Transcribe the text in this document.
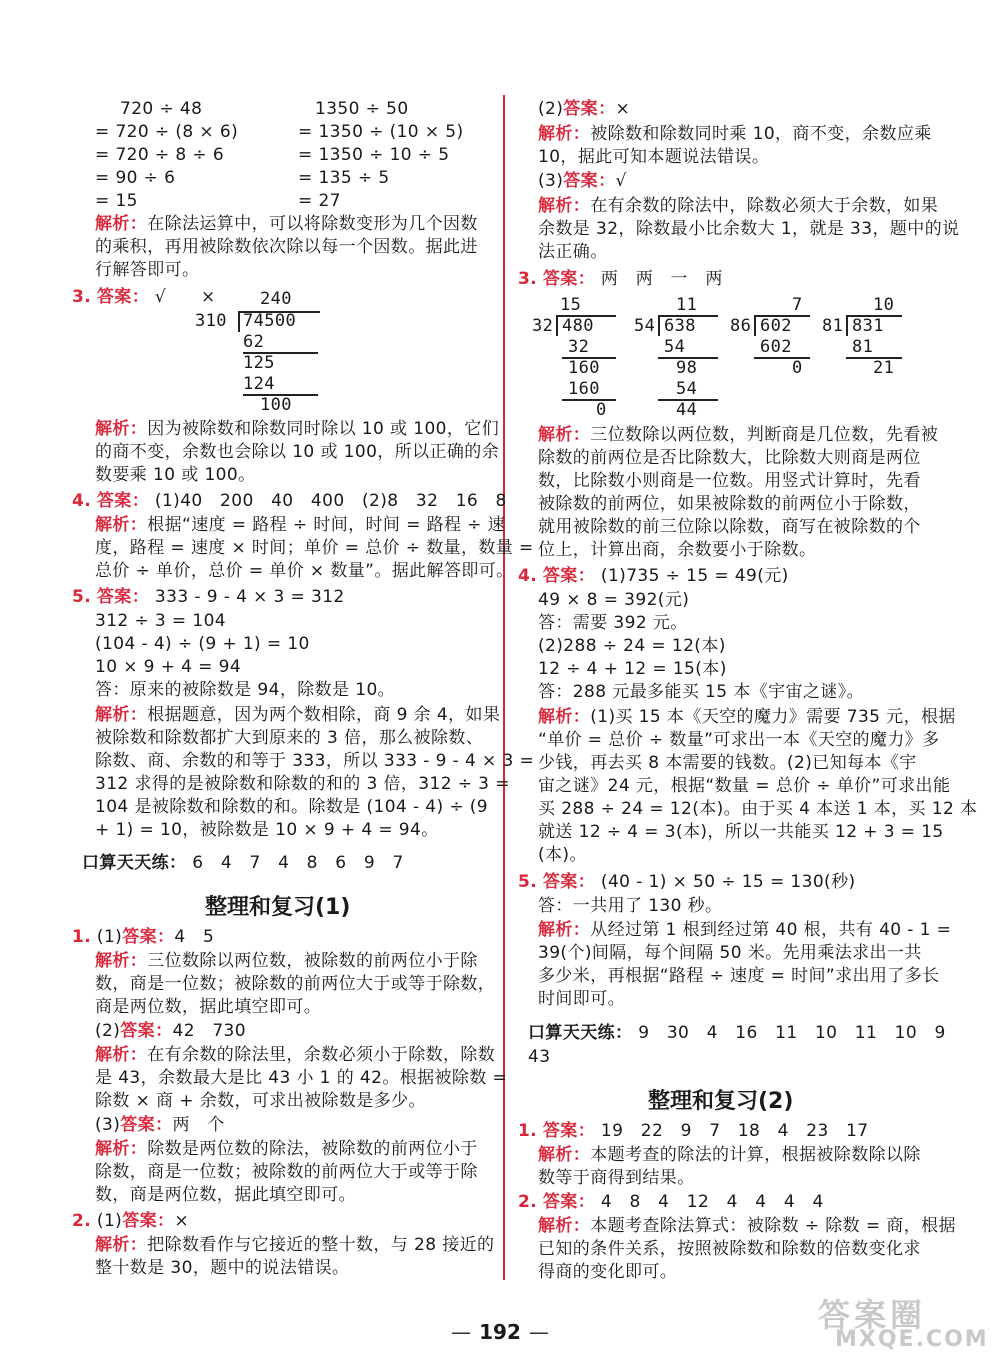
720 ÷ 48
= 720 ÷ (8 × 6)
= 720 ÷ 8 ÷ 6
= 90 ÷ 6
= 15
1350 ÷ 50
= 1350 ÷ (10 × 5)
= 1350 ÷ 10 ÷ 5
= 135 ÷ 5
= 27
解析：在除法运算中，可以将除数变形为几个因数
的乘积，再用被除数依次除以每一个因数。据此进
行解答即可。
3. 答案： √　　×	240
310 74500
62
125
124
100
解析：因为被除数和除数同时除以 10 或 100，它们
的商不变，余数也会除以 10 或 100，所以正确的余
数要乘 10 或 100。
4. 答案： (1)40　200　40　400　(2)8　32　16　8
解析：根据“速度 = 路程 ÷ 时间，时间 = 路程 ÷ 速
度，路程 = 速度 × 时间；单价 = 总价 ÷ 数量，数量 =
总价 ÷ 单价，总价 = 单价 × 数量”。据此解答即可。
5. 答案： 333 - 9 - 4 × 3 = 312
312 ÷ 3 = 104
(104 - 4) ÷ (9 + 1) = 10
10 × 9 + 4 = 94
答：原来的被除数是 94，除数是 10。
解析：根据题意，因为两个数相除，商 9 余 4，如果
被除数和除数都扩大到原来的 3 倍，那么被除数、
除数、商、余数的和等于 333，所以 333 - 9 - 4 × 3 =
312 求得的是被除数和除数的和的 3 倍，312 ÷ 3 =
104 是被除数和除数的和。除数是 (104 - 4) ÷ (9
+ 1) = 10，被除数是 10 × 9 + 4 = 94。
口算天天练： 6　4　7　4　8　6　9　7
整理和复习(1)
1. (1)答案：4　5
解析：三位数除以两位数，被除数的前两位小于除
数，商是一位数；被除数的前两位大于或等于除数，
商是两位数，据此填空即可。
(2)答案：42　730
解析：在有余数的除法里，余数必须小于除数，除数
是 43，余数最大是比 43 小 1 的 42。根据被除数 =
除数 × 商 + 余数，可求出被除数是多少。
(3)答案：两　个
解析：除数是两位数的除法，被除数的前两位小于
除数，商是一位数；被除数的前两位大于或等于除
数，商是两位数，据此填空即可。
2. (1)答案：×
解析：把除数看作与它接近的整十数，与 28 接近的
整十数是 30，题中的说法错误。
(2)答案：×
解析：被除数和除数同时乘 10，商不变，余数应乘
10，据此可知本题说法错误。
(3)答案：√
解析：在有余数的除法中，除数必须大于余数，如果
余数是 32，除数最小比余数大 1，就是 33，题中的说
法正确。
3. 答案： 两　两　一　两
15
32 480
32
160
160
0
11
54 638
54
98
54
44
7
86 602
602
0
10
81 831
81
21
解析：三位数除以两位数，判断商是几位数，先看被
除数的前两位是否比除数大，比除数大则商是两位
数，比除数小则商是一位数。用竖式计算时，先看
被除数的前两位，如果被除数的前两位小于除数，
就用被除数的前三位除以除数，商写在被除数的个
位上，计算出商，余数要小于除数。
4. 答案： (1)735 ÷ 15 = 49(元)
49 × 8 = 392(元)
答：需要 392 元。
(2)288 ÷ 24 = 12(本)
12 ÷ 4 + 12 = 15(本)
答：288 元最多能买 15 本《宇宙之谜》。
解析：(1)买 15 本《天空的魔力》需要 735 元，根据
“单价 = 总价 ÷ 数量”可求出一本《天空的魔力》多
少钱，再去买 8 本需要的钱数。(2)已知每本《宇
宙之谜》24 元，根据“数量 = 总价 ÷ 单价”可求出能
买 288 ÷ 24 = 12(本)。由于买 4 本送 1 本，买 12 本
就送 12 ÷ 4 = 3(本)，所以一共能买 12 + 3 = 15
(本)。
5. 答案： (40 - 1) × 50 ÷ 15 = 130(秒)
答：一共用了 130 秒。
解析：从经过第 1 根到经过第 40 根，共有 40 - 1 =
39(个)间隔，每个间隔 50 米。先用乘法求出一共
多少米，再根据“路程 ÷ 速度 = 时间”求出用了多长
时间即可。
口算天天练： 9　30　4　16　11　10　11　10　9
43
整理和复习(2)
1. 答案： 19　22　9　7　18　4　23　17
解析：本题考查的除法的计算，根据被除数除以除
数等于商得到结果。
2. 答案： 4　8　4　12　4　4　4　4
解析：本题考查除法算式：被除数 ÷ 除数 = 商，根据
已知的条件关系，按照被除数和除数的倍数变化求
得商的变化即可。
— 192 —	答案圈
MXQE.COM
